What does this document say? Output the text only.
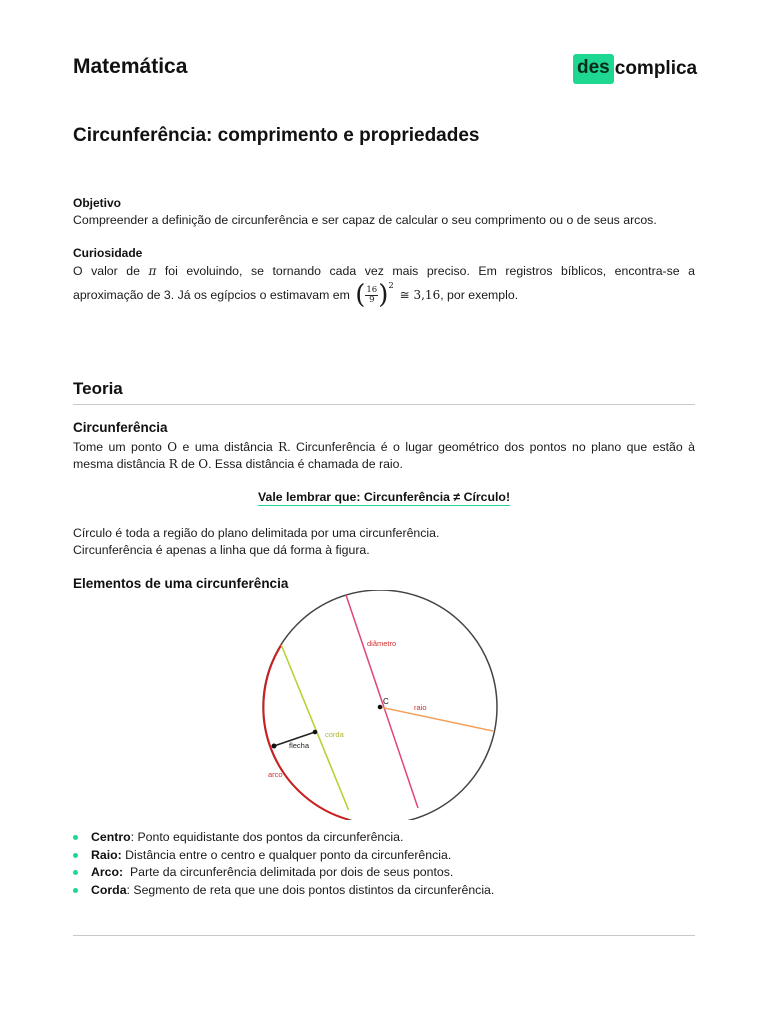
Matemática	des complica
Circunferência: comprimento e propriedades
Objetivo
Compreender a definição de circunferência e ser capaz de calcular o seu comprimento ou o de seus arcos.
Curiosidade
O valor de π foi evoluindo, se tornando cada vez mais preciso. Em registros bíblicos, encontra-se a
aproximação de 3. Já os egípcios o estimavam em ( $\frac{16}{9}$ ) 2
≅ 3,16 , por exemplo.
Teoria
Circunferência
Tome um ponto O e uma distância R. Circunferência é o lugar geométrico dos pontos no plano que estão à mesma distância R de O. Essa distância é chamada de raio.
Vale lembrar que: Circunferência ≠ Círculo!
Círculo é toda a região do plano delimitada por uma circunferência.
Circunferência é apenas a linha que dá forma à figura.
Elementos de uma circunferência
diâmetro
C
raio
corda
flecha
arco
Centro: Ponto equidistante dos pontos da circunferência.
Raio: Distância entre o centro e qualquer ponto da circunferência.
Arco:  Parte da circunferência delimitada por dois de seus pontos.
Corda: Segmento de reta que une dois pontos distintos da circunferência.
